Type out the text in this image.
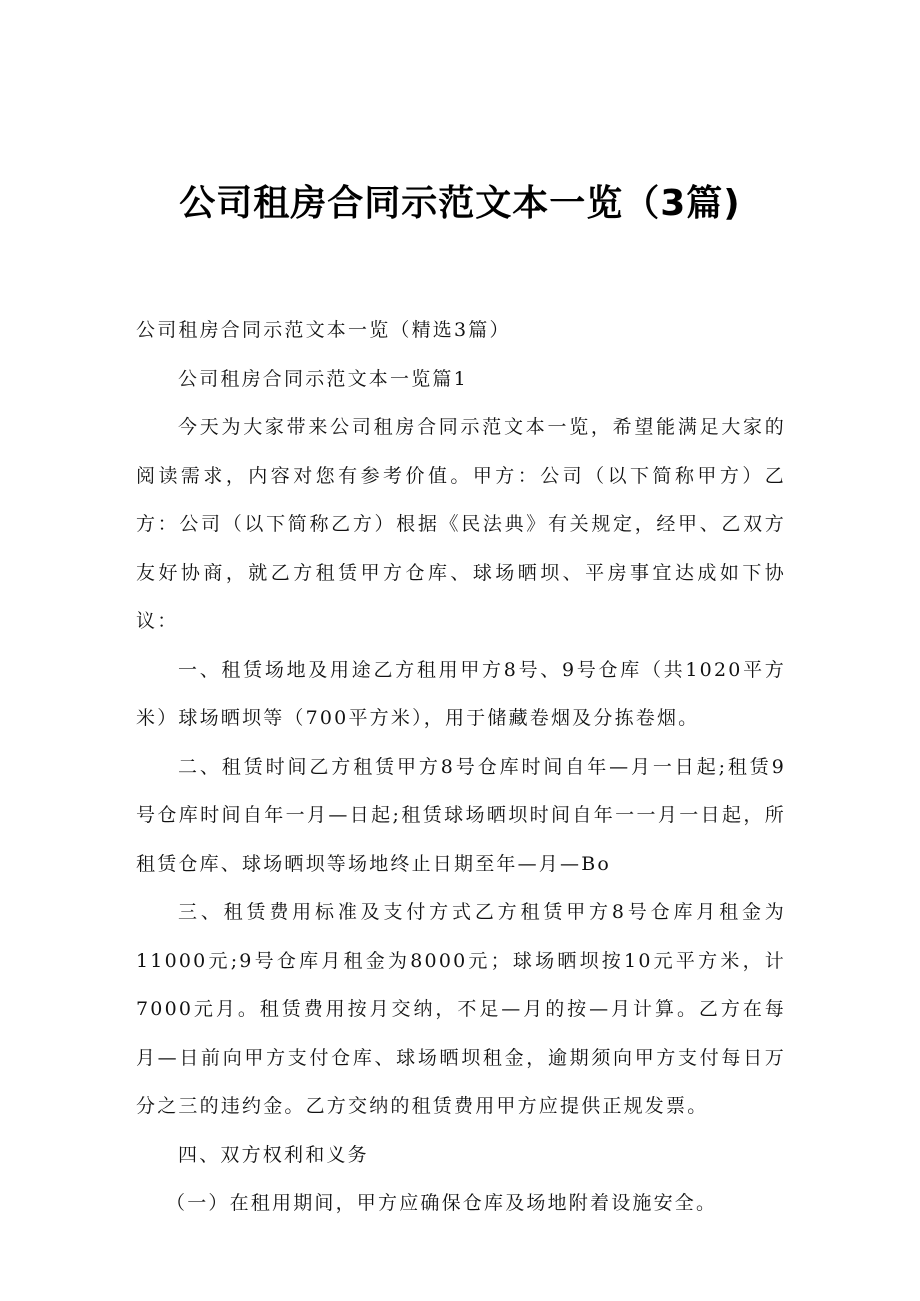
公司租房合同示范文本一览（3篇)

公司租房合同示范文本一览（精选3篇）

公司租房合同示范文本一览篇1

今天为大家带来公司租房合同示范文本一览，希望能满足大家的阅读需求，内容对您有参考价值。甲方：公司（以下简称甲方）乙方：公司（以下简称乙方）根据《民法典》有关规定，经甲、乙双方友好协商，就乙方租赁甲方仓库、球场晒坝、平房事宜达成如下协议：

一、租赁场地及用途乙方租用甲方8号、9号仓库（共1020平方米）球场晒坝等（700平方米），用于储藏卷烟及分拣卷烟。

二、租赁时间乙方租赁甲方8号仓库时间自年—月一日起;租赁9号仓库时间自年一月—日起;租赁球场晒坝时间自年一一月一日起，所租赁仓库、球场晒坝等场地终止日期至年—月—Bo

三、租赁费用标准及支付方式乙方租赁甲方8号仓库月租金为11000元;9号仓库月租金为8000元；球场晒坝按10元平方米，计7000元月。租赁费用按月交纳，不足—月的按—月计算。乙方在每月—日前向甲方支付仓库、球场晒坝租金，逾期须向甲方支付每日万分之三的违约金。乙方交纳的租赁费用甲方应提供正规发票。

四、双方权利和义务

（一）在租用期间，甲方应确保仓库及场地附着设施安全。
